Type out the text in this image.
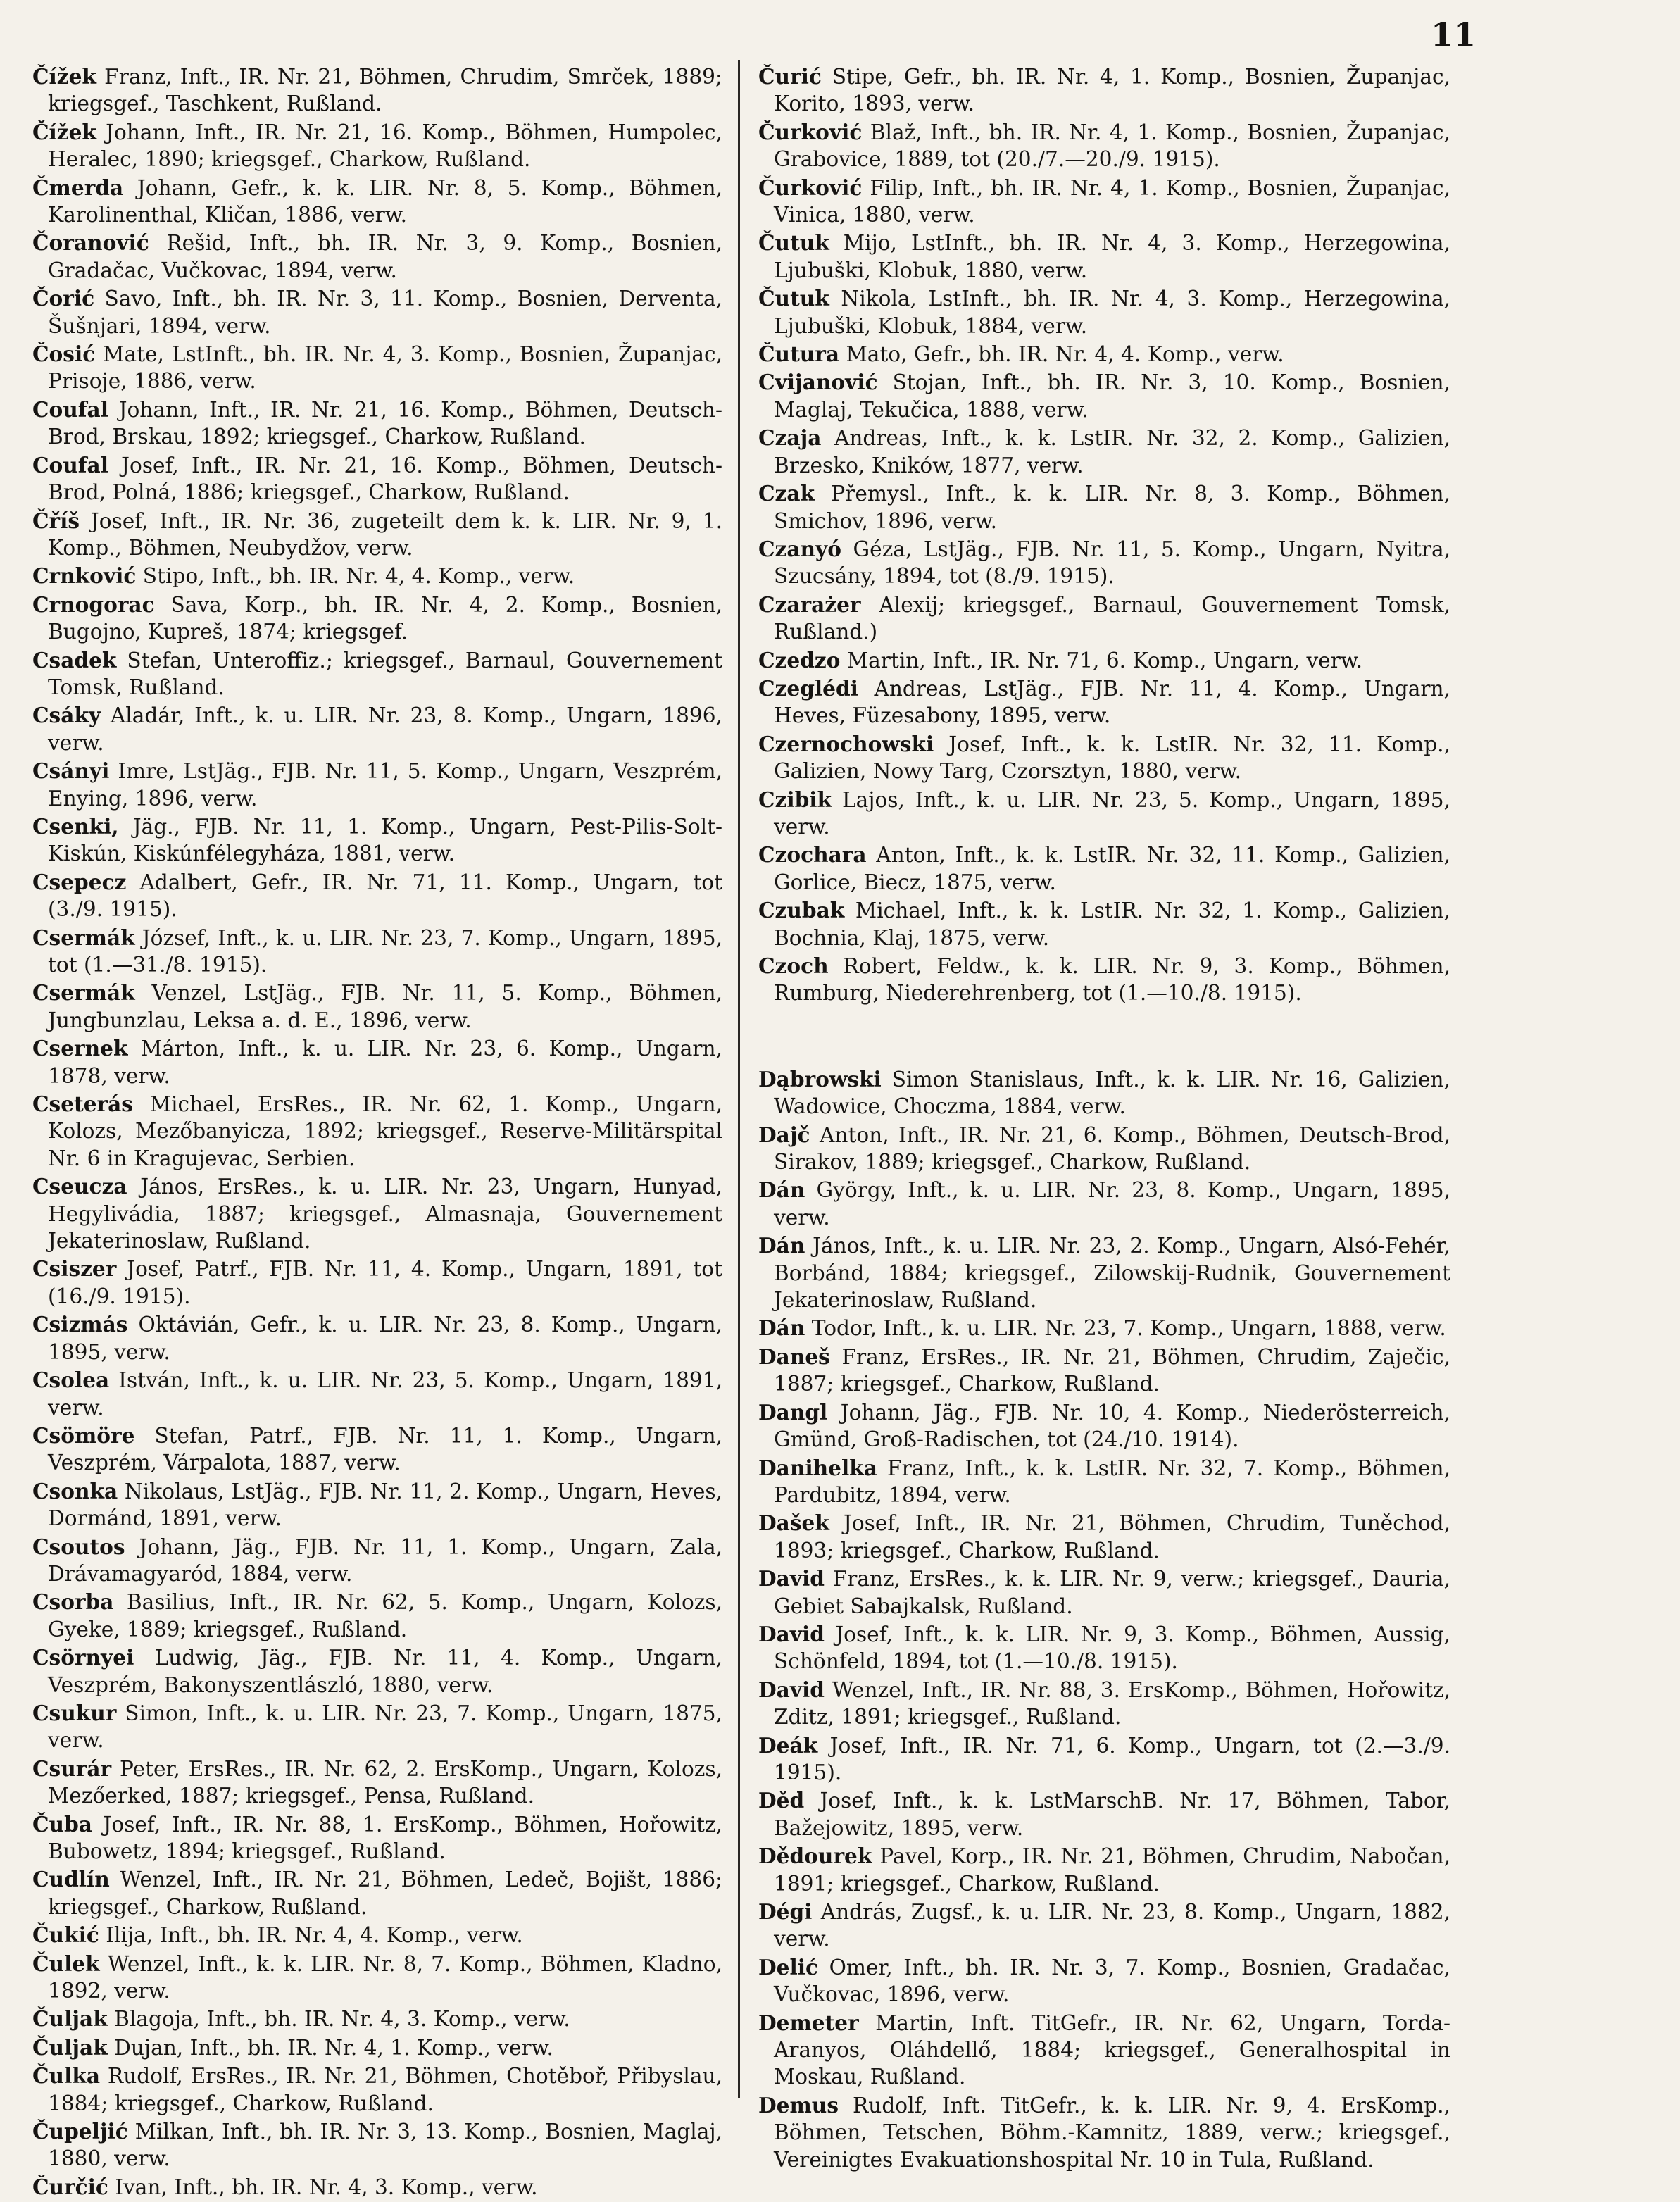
11
Čížek Franz, Inft., IR. Nr. 21, Böhmen, Chrudim, Smrček, 1889; kriegsgef., Taschkent, Rußland.
Čížek Johann, Inft., IR. Nr. 21, 16. Komp., Böhmen, Humpolec, Heralec, 1890; kriegsgef., Charkow, Rußland.
Čmerda Johann, Gefr., k. k. LIR. Nr. 8, 5. Komp., Böhmen, Karolinenthal, Kličan, 1886, verw.
Čoranović Rešid, Inft., bh. IR. Nr. 3, 9. Komp., Bosnien, Gradačac, Vučkovac, 1894, verw.
Čorić Savo, Inft., bh. IR. Nr. 3, 11. Komp., Bosnien, Derventa, Šušnjari, 1894, verw.
Čosić Mate, LstInft., bh. IR. Nr. 4, 3. Komp., Bosnien, Županjac, Prisoje, 1886, verw.
Coufal Johann, Inft., IR. Nr. 21, 16. Komp., Böhmen, Deutsch-Brod, Brskau, 1892; kriegsgef., Charkow, Rußland.
Coufal Josef, Inft., IR. Nr. 21, 16. Komp., Böhmen, Deutsch-Brod, Polná, 1886; kriegsgef., Charkow, Rußland.
Čříš Josef, Inft., IR. Nr. 36, zugeteilt dem k. k. LIR. Nr. 9, 1. Komp., Böhmen, Neubydžov, verw.
Crnković Stipo, Inft., bh. IR. Nr. 4, 4. Komp., verw.
Crnogorac Sava, Korp., bh. IR. Nr. 4, 2. Komp., Bosnien, Bugojno, Kupreš, 1874; kriegsgef.
Csadek Stefan, Unteroffiz.; kriegsgef., Barnaul, Gouvernement Tomsk, Rußland.
Csáky Aladár, Inft., k. u. LIR. Nr. 23, 8. Komp., Ungarn, 1896, verw.
Csányi Imre, LstJäg., FJB. Nr. 11, 5. Komp., Ungarn, Veszprém, Enying, 1896, verw.
Csenki, Jäg., FJB. Nr. 11, 1. Komp., Ungarn, Pest-Pilis-Solt-Kiskún, Kiskúnfélegyháza, 1881, verw.
Csepecz Adalbert, Gefr., IR. Nr. 71, 11. Komp., Ungarn, tot (3./9. 1915).
Csermák József, Inft., k. u. LIR. Nr. 23, 7. Komp., Ungarn, 1895, tot (1.—31./8. 1915).
Csermák Venzel, LstJäg., FJB. Nr. 11, 5. Komp., Böhmen, Jungbunzlau, Leksa a. d. E., 1896, verw.
Csernek Márton, Inft., k. u. LIR. Nr. 23, 6. Komp., Ungarn, 1878, verw.
Cseterás Michael, ErsRes., IR. Nr. 62, 1. Komp., Ungarn, Kolozs, Mezőbanyicza, 1892; kriegsgef., Reserve-Militärspital Nr. 6 in Kragujevac, Serbien.
Cseucza János, ErsRes., k. u. LIR. Nr. 23, Ungarn, Hunyad, Hegylivádia, 1887; kriegsgef., Almasnaja, Gouvernement Jekaterinoslaw, Rußland.
Csiszer Josef, Patrf., FJB. Nr. 11, 4. Komp., Ungarn, 1891, tot (16./9. 1915).
Csizmás Oktávián, Gefr., k. u. LIR. Nr. 23, 8. Komp., Ungarn, 1895, verw.
Csolea István, Inft., k. u. LIR. Nr. 23, 5. Komp., Ungarn, 1891, verw.
Csömöre Stefan, Patrf., FJB. Nr. 11, 1. Komp., Ungarn, Veszprém, Várpalota, 1887, verw.
Csonka Nikolaus, LstJäg., FJB. Nr. 11, 2. Komp., Ungarn, Heves, Dormánd, 1891, verw.
Csoutos Johann, Jäg., FJB. Nr. 11, 1. Komp., Ungarn, Zala, Drávamagyaród, 1884, verw.
Csorba Basilius, Inft., IR. Nr. 62, 5. Komp., Ungarn, Kolozs, Gyeke, 1889; kriegsgef., Rußland.
Csörnyei Ludwig, Jäg., FJB. Nr. 11, 4. Komp., Ungarn, Veszprém, Bakonyszentlászló, 1880, verw.
Csukur Simon, Inft., k. u. LIR. Nr. 23, 7. Komp., Ungarn, 1875, verw.
Csurár Peter, ErsRes., IR. Nr. 62, 2. ErsKomp., Ungarn, Kolozs, Mezőerked, 1887; kriegsgef., Pensa, Rußland.
Čuba Josef, Inft., IR. Nr. 88, 1. ErsKomp., Böhmen, Hořowitz, Bubowetz, 1894; kriegsgef., Rußland.
Cudlín Wenzel, Inft., IR. Nr. 21, Böhmen, Ledeč, Bojišt, 1886; kriegsgef., Charkow, Rußland.
Čukić Ilija, Inft., bh. IR. Nr. 4, 4. Komp., verw.
Čulek Wenzel, Inft., k. k. LIR. Nr. 8, 7. Komp., Böhmen, Kladno, 1892, verw.
Čuljak Blagoja, Inft., bh. IR. Nr. 4, 3. Komp., verw.
Čuljak Dujan, Inft., bh. IR. Nr. 4, 1. Komp., verw.
Čulka Rudolf, ErsRes., IR. Nr. 21, Böhmen, Chotěboř, Přibyslau, 1884; kriegsgef., Charkow, Rußland.
Čupeljić Milkan, Inft., bh. IR. Nr. 3, 13. Komp., Bosnien, Maglaj, 1880, verw.
Čurčić Ivan, Inft., bh. IR. Nr. 4, 3. Komp., verw.
Čurić Stipe, Gefr., bh. IR. Nr. 4, 1. Komp., Bosnien, Županjac, Korito, 1893, verw.
Čurković Blaž, Inft., bh. IR. Nr. 4, 1. Komp., Bosnien, Županjac, Grabovice, 1889, tot (20./7.—20./9. 1915).
Čurković Filip, Inft., bh. IR. Nr. 4, 1. Komp., Bosnien, Županjac, Vinica, 1880, verw.
Čutuk Mijo, LstInft., bh. IR. Nr. 4, 3. Komp., Herzegowina, Ljubuški, Klobuk, 1880, verw.
Čutuk Nikola, LstInft., bh. IR. Nr. 4, 3. Komp., Herzegowina, Ljubuški, Klobuk, 1884, verw.
Čutura Mato, Gefr., bh. IR. Nr. 4, 4. Komp., verw.
Cvijanović Stojan, Inft., bh. IR. Nr. 3, 10. Komp., Bosnien, Maglaj, Tekučica, 1888, verw.
Czaja Andreas, Inft., k. k. LstIR. Nr. 32, 2. Komp., Galizien, Brzesko, Kników, 1877, verw.
Czak Přemysl., Inft., k. k. LIR. Nr. 8, 3. Komp., Böhmen, Smichov, 1896, verw.
Czanyó Géza, LstJäg., FJB. Nr. 11, 5. Komp., Ungarn, Nyitra, Szucsány, 1894, tot (8./9. 1915).
Czarażer Alexij; kriegsgef., Barnaul, Gouvernement Tomsk, Rußland.)
Czedzo Martin, Inft., IR. Nr. 71, 6. Komp., Ungarn, verw.
Czeglédi Andreas, LstJäg., FJB. Nr. 11, 4. Komp., Ungarn, Heves, Füzesabony, 1895, verw.
Czernochowski Josef, Inft., k. k. LstIR. Nr. 32, 11. Komp., Galizien, Nowy Targ, Czorsztyn, 1880, verw.
Czibik Lajos, Inft., k. u. LIR. Nr. 23, 5. Komp., Ungarn, 1895, verw.
Czochara Anton, Inft., k. k. LstIR. Nr. 32, 11. Komp., Galizien, Gorlice, Biecz, 1875, verw.
Czubak Michael, Inft., k. k. LstIR. Nr. 32, 1. Komp., Galizien, Bochnia, Klaj, 1875, verw.
Czoch Robert, Feldw., k. k. LIR. Nr. 9, 3. Komp., Böhmen, Rumburg, Niederehrenberg, tot (1.—10./8. 1915).
Dąbrowski Simon Stanislaus, Inft., k. k. LIR. Nr. 16, Galizien, Wadowice, Choczma, 1884, verw.
Dajč Anton, Inft., IR. Nr. 21, 6. Komp., Böhmen, Deutsch-Brod, Sirakov, 1889; kriegsgef., Charkow, Rußland.
Dán György, Inft., k. u. LIR. Nr. 23, 8. Komp., Ungarn, 1895, verw.
Dán János, Inft., k. u. LIR. Nr. 23, 2. Komp., Ungarn, Alsó-Fehér, Borbánd, 1884; kriegsgef., Zilowskij-Rudnik, Gouvernement Jekaterinoslaw, Rußland.
Dán Todor, Inft., k. u. LIR. Nr. 23, 7. Komp., Ungarn, 1888, verw.
Daneš Franz, ErsRes., IR. Nr. 21, Böhmen, Chrudim, Zaječic, 1887; kriegsgef., Charkow, Rußland.
Dangl Johann, Jäg., FJB. Nr. 10, 4. Komp., Niederösterreich, Gmünd, Groß-Radischen, tot (24./10. 1914).
Danihelka Franz, Inft., k. k. LstIR. Nr. 32, 7. Komp., Böhmen, Pardubitz, 1894, verw.
Dašek Josef, Inft., IR. Nr. 21, Böhmen, Chrudim, Tuněchod, 1893; kriegsgef., Charkow, Rußland.
David Franz, ErsRes., k. k. LIR. Nr. 9, verw.; kriegsgef., Dauria, Gebiet Sabajkalsk, Rußland.
David Josef, Inft., k. k. LIR. Nr. 9, 3. Komp., Böhmen, Aussig, Schönfeld, 1894, tot (1.—10./8. 1915).
David Wenzel, Inft., IR. Nr. 88, 3. ErsKomp., Böhmen, Hořowitz, Zditz, 1891; kriegsgef., Rußland.
Deák Josef, Inft., IR. Nr. 71, 6. Komp., Ungarn, tot (2.—3./9. 1915).
Děd Josef, Inft., k. k. LstMarschB. Nr. 17, Böhmen, Tabor, Bažejowitz, 1895, verw.
Dědourek Pavel, Korp., IR. Nr. 21, Böhmen, Chrudim, Nabočan, 1891; kriegsgef., Charkow, Rußland.
Dégi András, Zugsf., k. u. LIR. Nr. 23, 8. Komp., Ungarn, 1882, verw.
Delić Omer, Inft., bh. IR. Nr. 3, 7. Komp., Bosnien, Gradačac, Vučkovac, 1896, verw.
Demeter Martin, Inft. TitGefr., IR. Nr. 62, Ungarn, Torda-Aranyos, Oláhdellő, 1884; kriegsgef., Generalhospital in Moskau, Rußland.
Demus Rudolf, Inft. TitGefr., k. k. LIR. Nr. 9, 4. ErsKomp., Böhmen, Tetschen, Böhm.-Kamnitz, 1889, verw.; kriegsgef., Vereinigtes Evakuationshospital Nr. 10 in Tula, Rußland.
